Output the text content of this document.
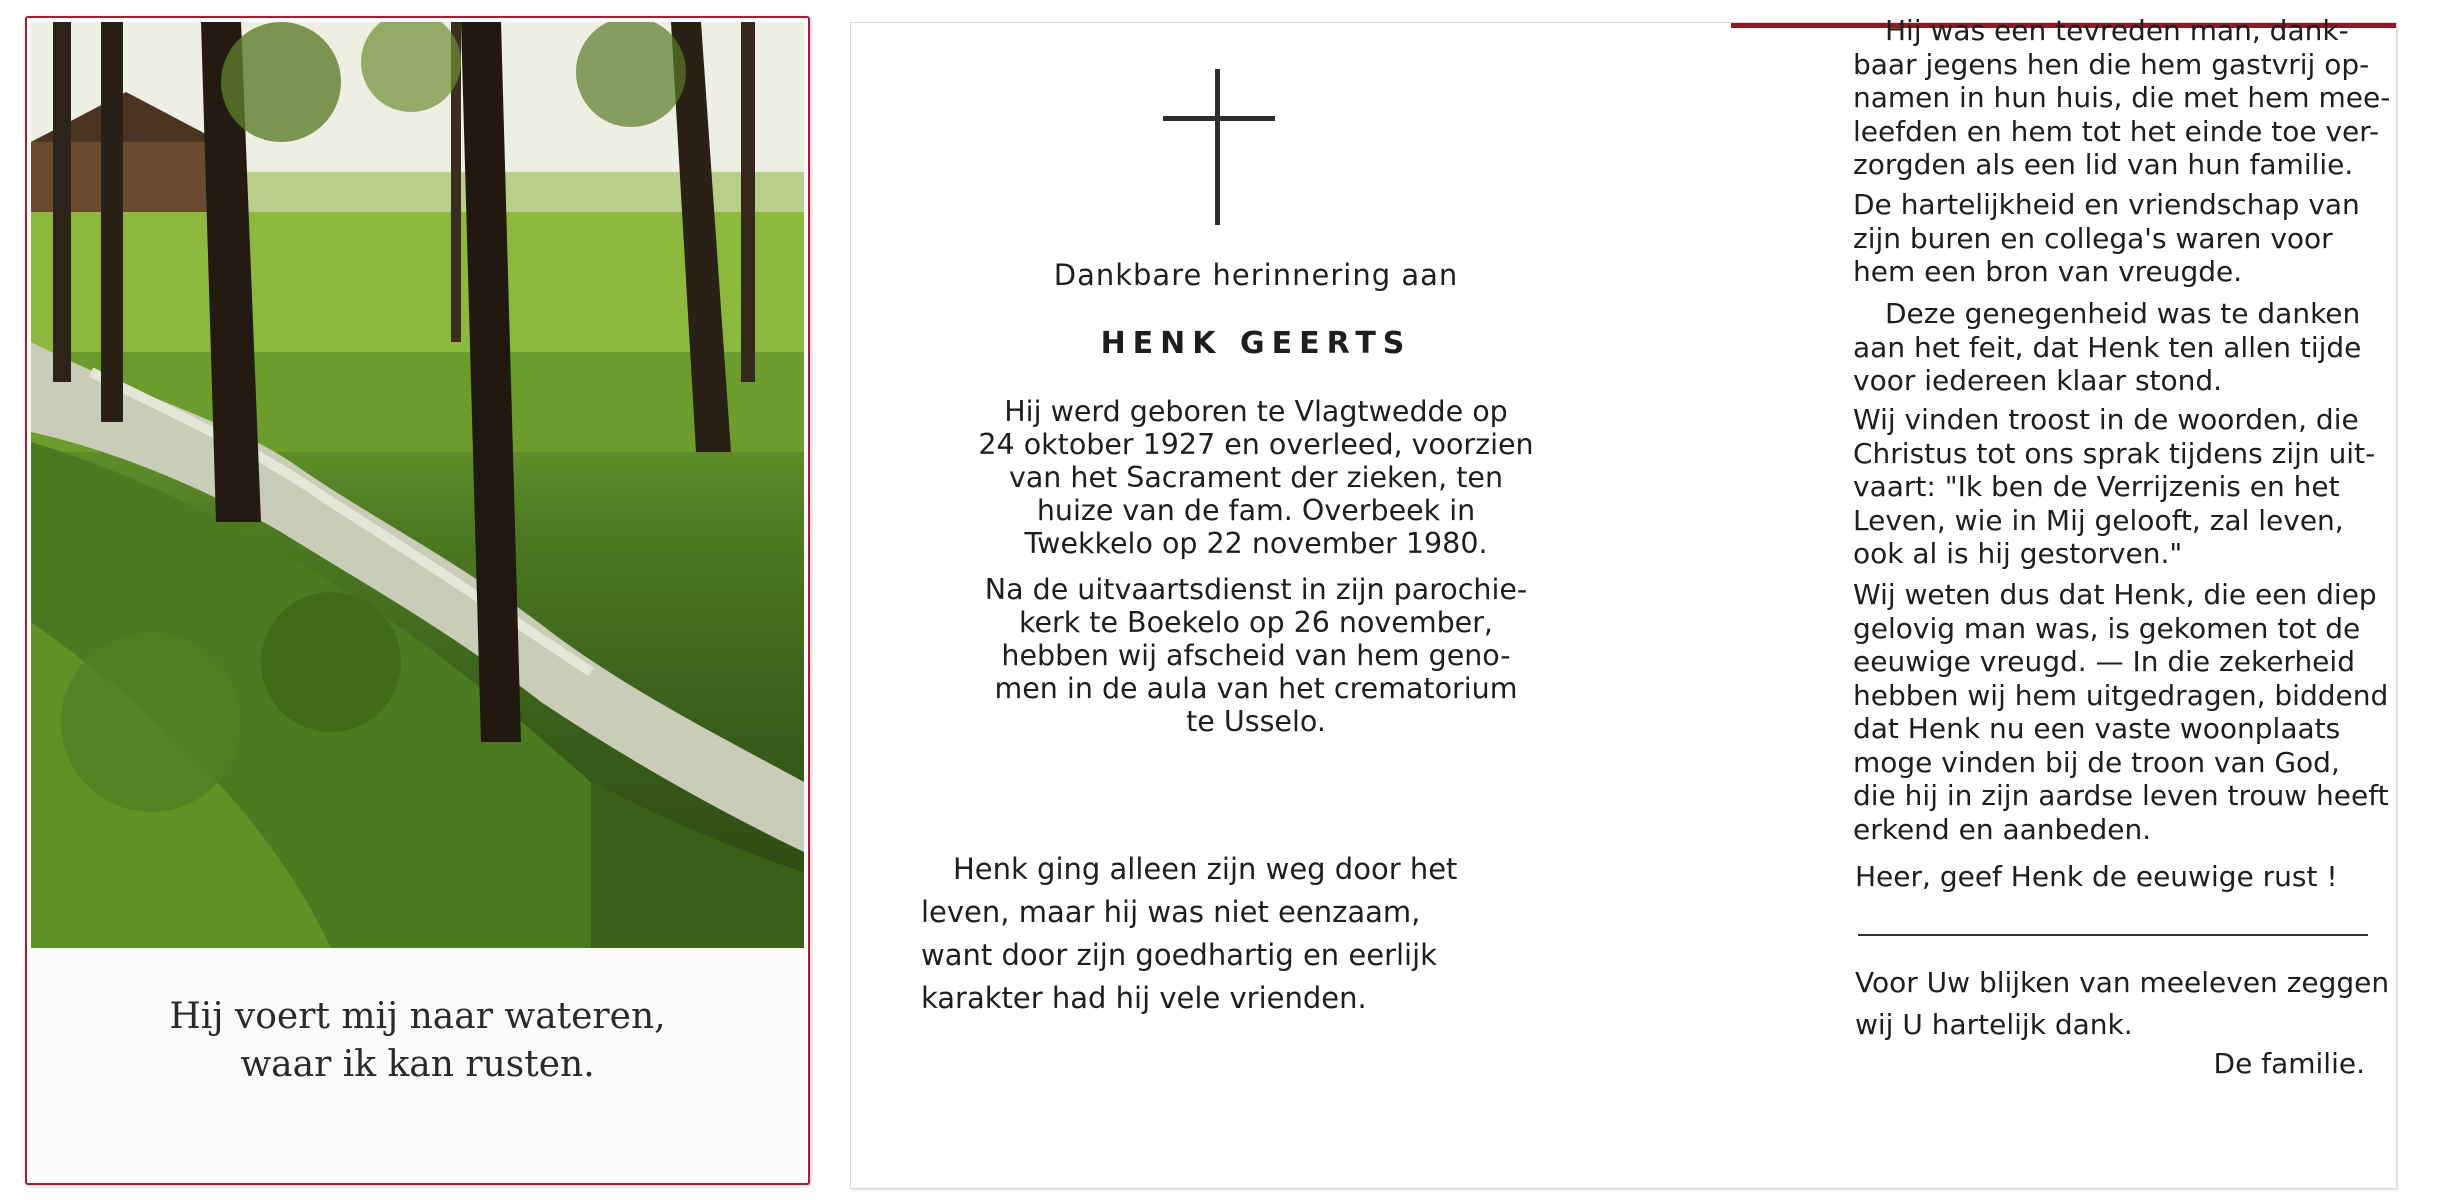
Hij voert mij naar wateren,
waar ik kan rusten.
Dankbare herinnering aan
HENK GEERTS
Hij werd geboren te Vlagtwedde op
24 oktober 1927 en overleed, voorzien
van het Sacrament der zieken, ten
huize van de fam. Overbeek in
Twekkelo op 22 november 1980.
Na de uitvaartsdienst in zijn parochie-
kerk te Boekelo op 26 november,
hebben wij afscheid van hem geno-
men in de aula van het crematorium
te Usselo.
Henk ging alleen zijn weg door het
leven, maar hij was niet eenzaam,
want door zijn goedhartig en eerlijk
karakter had hij vele vrienden.
Hij was een tevreden man, dank-
baar jegens hen die hem gastvrij op-
namen in hun huis, die met hem mee-
leefden en hem tot het einde toe ver-
zorgden als een lid van hun familie.
De hartelijkheid en vriendschap van
zijn buren en collega's waren voor
hem een bron van vreugde.
Deze genegenheid was te danken
aan het feit, dat Henk ten allen tijde
voor iedereen klaar stond.
Wij vinden troost in de woorden, die
Christus tot ons sprak tijdens zijn uit-
vaart: "Ik ben de Verrijzenis en het
Leven, wie in Mij gelooft, zal leven,
ook al is hij gestorven."
Wij weten dus dat Henk, die een diep
gelovig man was, is gekomen tot de
eeuwige vreugd. — In die zekerheid
hebben wij hem uitgedragen, biddend
dat Henk nu een vaste woonplaats
moge vinden bij de troon van God,
die hij in zijn aardse leven trouw heeft
erkend en aanbeden.
Heer, geef Henk de eeuwige rust !
Voor Uw blijken van meeleven zeggen
wij U hartelijk dank.
De familie.
